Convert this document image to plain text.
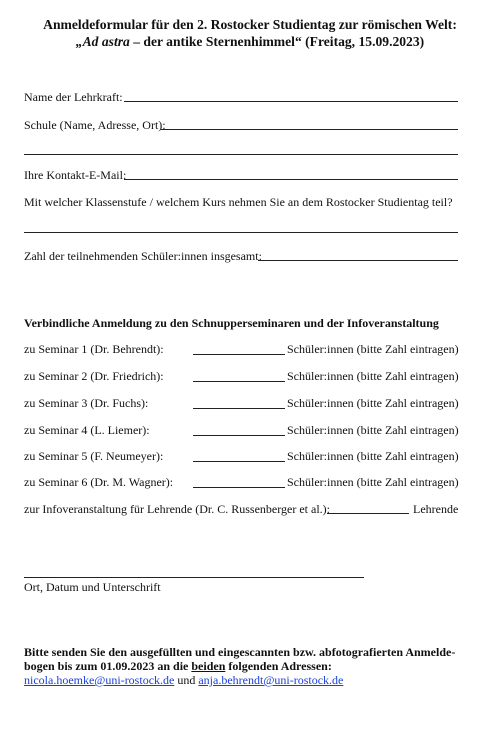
Anmeldeformular für den 2. Rostocker Studientag zur römischen Welt:
„Ad astra – der antike Sternenhimmel“ (Freitag, 15.09.2023)
Name der Lehrkraft:
Schule (Name, Adresse, Ort):
Ihre Kontakt-E-Mail:
Mit welcher Klassenstufe / welchem Kurs nehmen Sie an dem Rostocker Studientag teil?
Zahl der teilnehmenden Schüler:innen insgesamt:
Verbindliche Anmeldung zu den Schnupperseminaren und der Infoveranstaltung
zu Seminar 1 (Dr. Behrendt):	Schüler:innen (bitte Zahl eintragen)
zu Seminar 2 (Dr. Friedrich):	Schüler:innen (bitte Zahl eintragen)
zu Seminar 3 (Dr. Fuchs):	Schüler:innen (bitte Zahl eintragen)
zu Seminar 4 (L. Liemer):	Schüler:innen (bitte Zahl eintragen)
zu Seminar 5 (F. Neumeyer):	Schüler:innen (bitte Zahl eintragen)
zu Seminar 6 (Dr. M. Wagner):	Schüler:innen (bitte Zahl eintragen)
zur Infoveranstaltung für Lehrende (Dr. C. Russenberger et al.):	Lehrende
Ort, Datum und Unterschrift
Bitte senden Sie den ausgefüllten und eingescannten bzw. abfotografierten Anmelde-
bogen bis zum 01.09.2023 an die beiden folgenden Adressen:
nicola.hoemke@uni-rostock.de und anja.behrendt@uni-rostock.de
